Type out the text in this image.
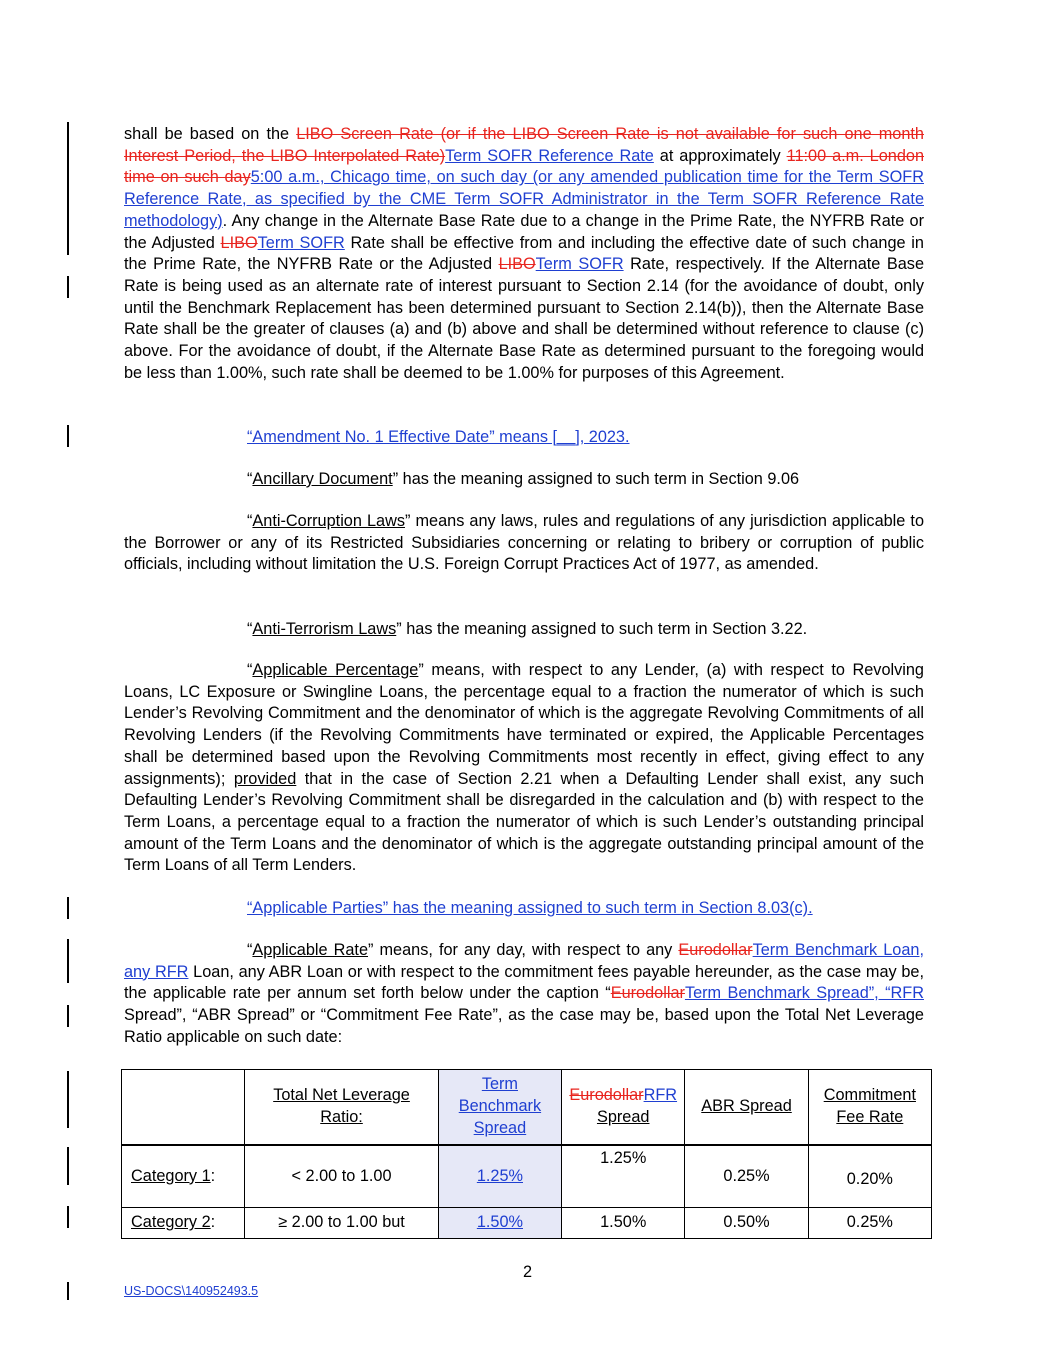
shall be based on the LIBO Screen Rate (or if the LIBO Screen Rate is not available for such one month Interest Period, the LIBO Interpolated Rate)Term SOFR Reference Rate at approximately 11:00 a.m. London time on such day5:00 a.m., Chicago time, on such day (or any amended publication time for the Term SOFR Reference Rate, as specified by the CME Term SOFR Administrator in the Term SOFR Reference Rate methodology). Any change in the Alternate Base Rate due to a change in the Prime Rate, the NYFRB Rate or the Adjusted LIBOTerm SOFR Rate shall be effective from and including the effective date of such change in the Prime Rate, the NYFRB Rate or the Adjusted LIBOTerm SOFR Rate, respectively. If the Alternate Base Rate is being used as an alternate rate of interest pursuant to Section 2.14 (for the avoidance of doubt, only until the Benchmark Replacement has been determined pursuant to Section 2.14(b)), then the Alternate Base Rate shall be the greater of clauses (a) and (b) above and shall be determined without reference to clause (c) above. For the avoidance of doubt, if the Alternate Base Rate as determined pursuant to the foregoing would be less than 1.00%, such rate shall be deemed to be 1.00% for purposes of this Agreement.

“Amendment No. 1 Effective Date” means [__], 2023.

“Ancillary Document” has the meaning assigned to such term in Section 9.06

“Anti-Corruption Laws” means any laws, rules and regulations of any jurisdiction applicable to the Borrower or any of its Restricted Subsidiaries concerning or relating to bribery or corruption of public officials, including without limitation the U.S. Foreign Corrupt Practices Act of 1977, as amended.

“Anti-Terrorism Laws” has the meaning assigned to such term in Section 3.22.

“Applicable Percentage” means, with respect to any Lender, (a) with respect to Revolving Loans, LC Exposure or Swingline Loans, the percentage equal to a fraction the numerator of which is such Lender’s Revolving Commitment and the denominator of which is the aggregate Revolving Commitments of all Revolving Lenders (if the Revolving Commitments have terminated or expired, the Applicable Percentages shall be determined based upon the Revolving Commitments most recently in effect, giving effect to any assignments); provided that in the case of Section 2.21 when a Defaulting Lender shall exist, any such Defaulting Lender’s Revolving Commitment shall be disregarded in the calculation and (b) with respect to the Term Loans, a percentage equal to a fraction the numerator of which is such Lender’s outstanding principal amount of the Term Loans and the denominator of which is the aggregate outstanding principal amount of the Term Loans of all Term Lenders.

“Applicable Parties” has the meaning assigned to such term in Section 8.03(c).

“Applicable Rate” means, for any day, with respect to any EurodollarTerm Benchmark Loan, any RFR Loan, any ABR Loan or with respect to the commitment fees payable hereunder, as the case may be, the applicable rate per annum set forth below under the caption “EurodollarTerm Benchmark Spread”, “RFR Spread”, “ABR Spread” or “Commitment Fee Rate”, as the case may be, based upon the Total Net Leverage Ratio applicable on such date:

	Total Net Leverage Ratio:	Term Benchmark Spread	EurodollarRFR Spread	ABR Spread	Commitment Fee Rate
Category 1:	< 2.00 to 1.00	1.25%	1.25%	0.25%	0.20%
Category 2:	≥ 2.00 to 1.00 but	1.50%	1.50%	0.50%	0.25%
2
US-DOCS\140952493.5
